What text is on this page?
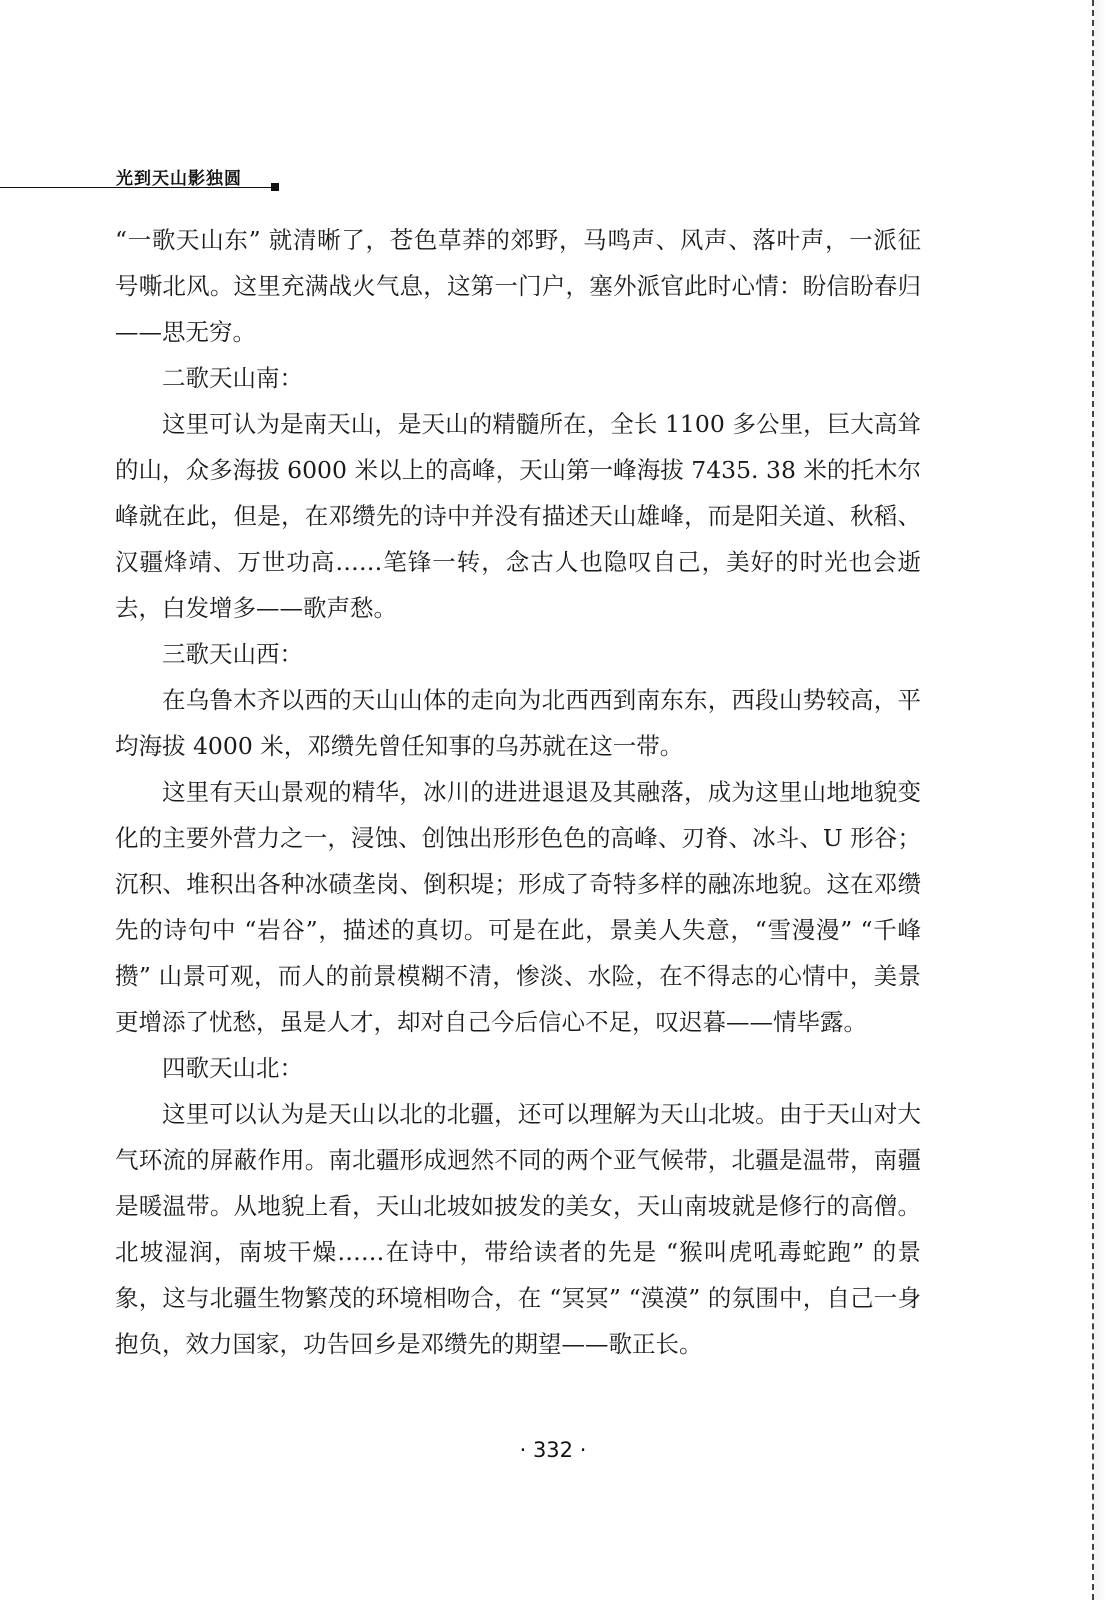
光到天山影独圆

“一歌天山东” 就清晰了，苍色草莽的郊野，马鸣声、风声、落叶声，一派征号嘶北风。这里充满战火气息，这第一门户，塞外派官此时心情：盼信盼春归——思无穷。

二歌天山南：

这里可认为是南天山，是天山的精髓所在，全长 1100 多公里，巨大高耸的山，众多海拔 6000 米以上的高峰，天山第一峰海拔 7435. 38 米的托木尔峰就在此，但是，在邓缵先的诗中并没有描述天山雄峰，而是阳关道、秋稻、汉疆烽靖、万世功高……笔锋一转，念古人也隐叹自己，美好的时光也会逝去，白发增多——歌声愁。

三歌天山西：

在乌鲁木齐以西的天山山体的走向为北西西到南东东，西段山势较高，平均海拔 4000 米，邓缵先曾任知事的乌苏就在这一带。

这里有天山景观的精华，冰川的进进退退及其融落，成为这里山地地貌变化的主要外营力之一，浸蚀、创蚀出形形色色的高峰、刃脊、冰斗、U 形谷；沉积、堆积出各种冰碛垄岗、倒积堤；形成了奇特多样的融冻地貌。这在邓缵先的诗句中 “岩谷”，描述的真切。可是在此，景美人失意，“雪漫漫” “千峰攒” 山景可观，而人的前景模糊不清，惨淡、水险，在不得志的心情中，美景更增添了忧愁，虽是人才，却对自己今后信心不足，叹迟暮——情毕露。

四歌天山北：

这里可以认为是天山以北的北疆，还可以理解为天山北坡。由于天山对大气环流的屏蔽作用。南北疆形成迥然不同的两个亚气候带，北疆是温带，南疆是暖温带。从地貌上看，天山北坡如披发的美女，天山南坡就是修行的高僧。北坡湿润，南坡干燥……在诗中，带给读者的先是 “猴叫虎吼毒蛇跑” 的景象，这与北疆生物繁茂的环境相吻合，在 “冥冥” “漠漠” 的氛围中，自己一身抱负，效力国家，功告回乡是邓缵先的期望——歌正长。

· 332 ·
